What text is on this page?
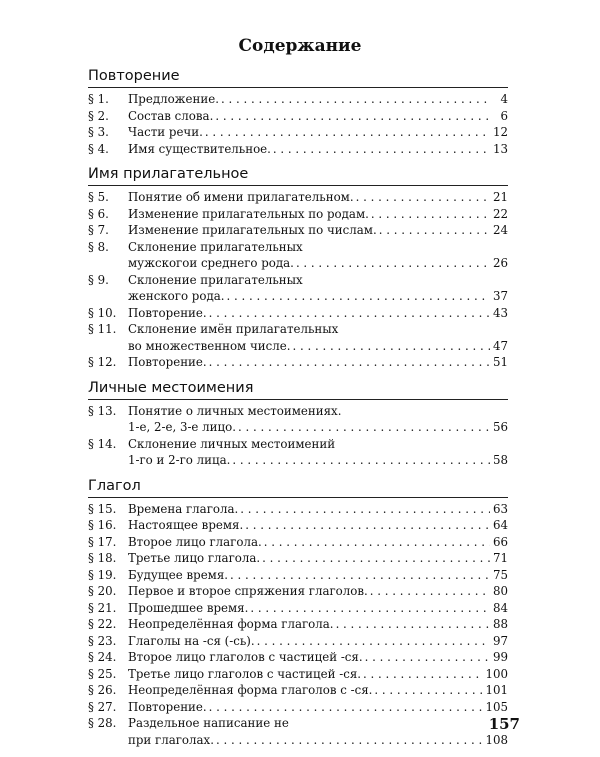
Содержание
Повторение
§ 1.	Предложение. . . .	4
§ 2.	Состав слова. . . .	6
§ 3.	Части речи. . . .	12
§ 4.	Имя существительное. . . .	13
Имя прилагательное
§ 5.	Понятие об имени прилагательном. . . .	21
§ 6.	Изменение прилагательных по родам. . . .	22
§ 7.	Изменение прилагательных по числам. . . .	24
§ 8.	Склонение прилагательных
мужскогои среднего рода. . . .	26
§ 9.	Склонение прилагательных
женского рода. . . .	37
§ 10. Повторение. . . .	43
§ 11. Склонение имён прилагательных
во множественном числе. . . .	47
§ 12. Повторение. . . .	51
Личные местоимения
§ 13. Понятие о личных местоимениях.
1-е, 2-е, 3-е лицо. . . .	56
§ 14. Склонение личных местоимений
1-го и 2-го лица. . . .	58
Глагол
§ 15. Времена глагола. . . .	63
§ 16. Настоящее время. . . .	64
§ 17. Второе лицо глагола. . . .	66
§ 18. Третье лицо глагола. . . .	71
§ 19. Будущее время. . . .	75
§ 20. Первое и второе спряжения глаголов. . . .	80
§ 21. Прошедшее время. . . .	84
§ 22. Неопределённая форма глагола. . . .	88
§ 23. Глаголы на -ся (-сь). . . .	97
§ 24. Второе лицо глаголов с частицей -ся. . . .	99
§ 25. Третье лицо глаголов с частицей -ся. . . .	100
§ 26. Неопределённая форма глаголов с -ся. . . .	101
§ 27. Повторение. . . .	105
§ 28. Раздельное написание не
при глаголах. . . .	108
157
